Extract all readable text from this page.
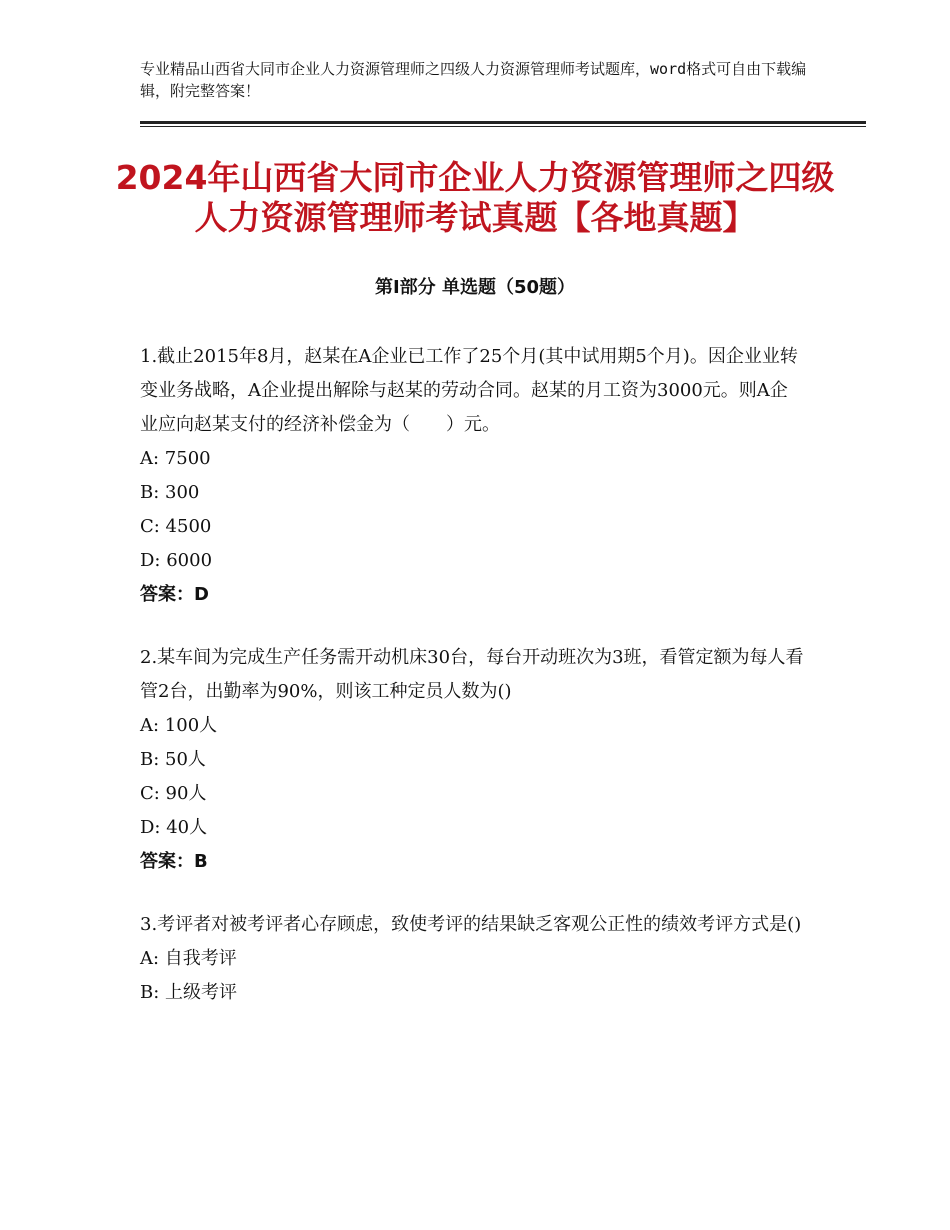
专业精品山西省大同市企业人力资源管理师之四级人力资源管理师考试题库，word格式可自由下载编辑，附完整答案！
2024年山西省大同市企业人力资源管理师之四级人力资源管理师考试真题【各地真题】
第Ⅰ部分 单选题（50题）

1.截止2015年8月，赵某在A企业已工作了25个月(其中试用期5个月)。因企业业转变业务战略，A企业提出解除与赵某的劳动合同。赵某的月工资为3000元。则A企业应向赵某支付的经济补偿金为（　　）元。

A: 7500

B: 300

C: 4500

D: 6000

答案：D

2.某车间为完成生产任务需开动机床30台，每台开动班次为3班，看管定额为每人看管2台，出勤率为90%，则该工种定员人数为()

A: 100人

B: 50人

C: 90人

D: 40人

答案：B

3.考评者对被考评者心存顾虑，致使考评的结果缺乏客观公正性的绩效考评方式是()

A: 自我考评

B: 上级考评
